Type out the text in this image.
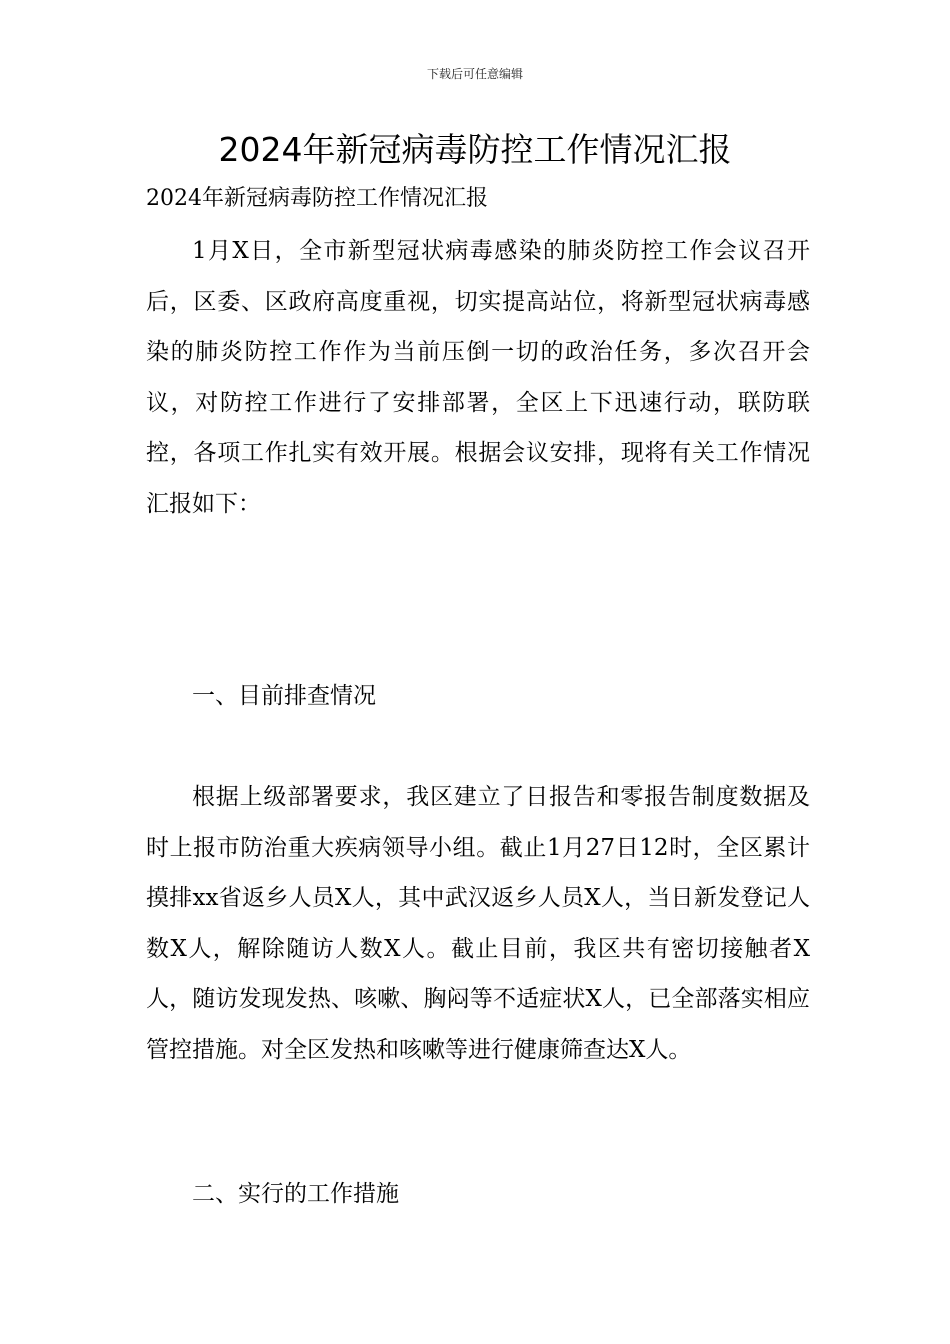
下载后可任意编辑
2024年新冠病毒防控工作情况汇报

2024年新冠病毒防控工作情况汇报

1月X日，全市新型冠状病毒感染的肺炎防控工作会议召开后，区委、区政府高度重视，切实提高站位，将新型冠状病毒感染的肺炎防控工作作为当前压倒一切的政治任务，多次召开会议，对防控工作进行了安排部署，全区上下迅速行动，联防联控，各项工作扎实有效开展。根据会议安排，现将有关工作情况汇报如下：

一、目前排查情况

根据上级部署要求，我区建立了日报告和零报告制度数据及时上报市防治重大疾病领导小组。截止1月27日12时，全区累计摸排xx省返乡人员X人，其中武汉返乡人员X人，当日新发登记人数X人，解除随访人数X人。截止目前，我区共有密切接触者X人，随访发现发热、咳嗽、胸闷等不适症状X人，已全部落实相应管控措施。对全区发热和咳嗽等进行健康筛查达X人。

二、实行的工作措施
